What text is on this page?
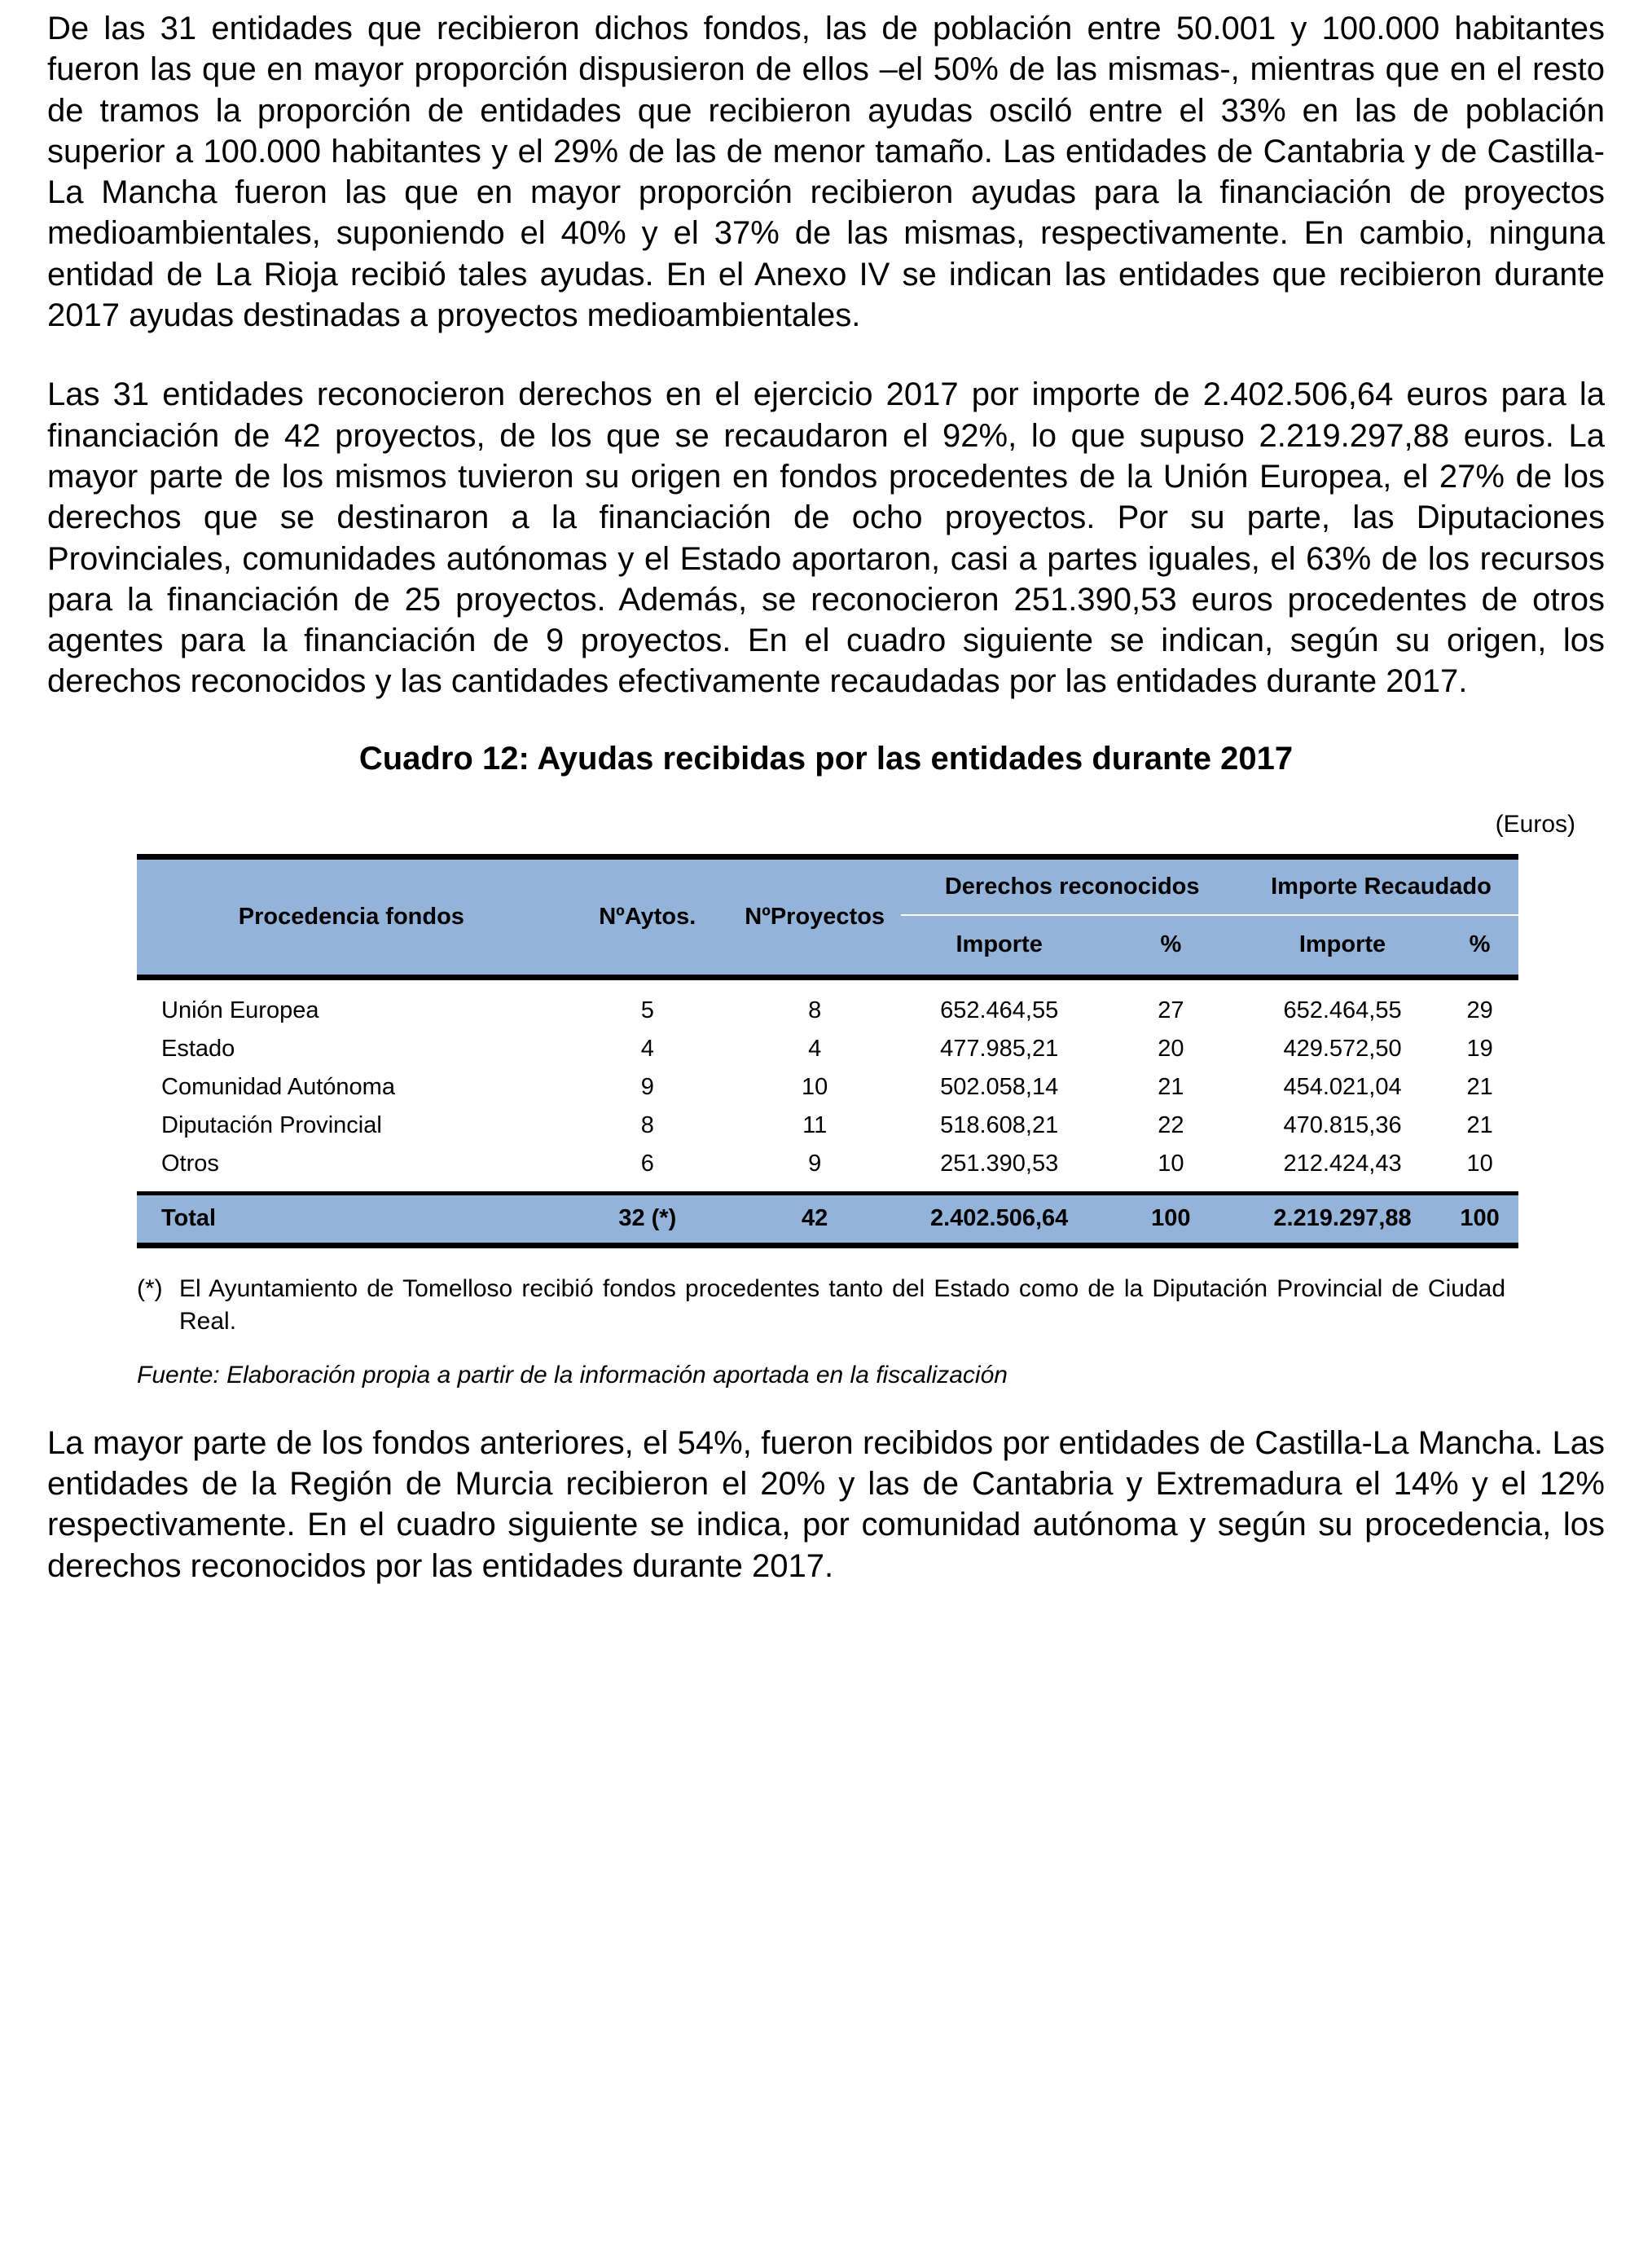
De las 31 entidades que recibieron dichos fondos, las de población entre 50.001 y 100.000 habitantes fueron las que en mayor proporción dispusieron de ellos –el 50% de las mismas-, mientras que en el resto de tramos la proporción de entidades que recibieron ayudas osciló entre el 33% en las de población superior a 100.000 habitantes y el 29% de las de menor tamaño. Las entidades de Cantabria y de Castilla-La Mancha fueron las que en mayor proporción recibieron ayudas para la financiación de proyectos medioambientales, suponiendo el 40% y el 37% de las mismas, respectivamente. En cambio, ninguna entidad de La Rioja recibió tales ayudas. En el Anexo IV se indican las entidades que recibieron durante 2017 ayudas destinadas a proyectos medioambientales.

Las 31 entidades reconocieron derechos en el ejercicio 2017 por importe de 2.402.506,64 euros para la financiación de 42 proyectos, de los que se recaudaron el 92%, lo que supuso 2.219.297,88 euros. La mayor parte de los mismos tuvieron su origen en fondos procedentes de la Unión Europea, el 27% de los derechos que se destinaron a la financiación de ocho proyectos. Por su parte, las Diputaciones Provinciales, comunidades autónomas y el Estado aportaron, casi a partes iguales, el 63% de los recursos para la financiación de 25 proyectos. Además, se reconocieron 251.390,53 euros procedentes de otros agentes para la financiación de 9 proyectos. En el cuadro siguiente se indican, según su origen, los derechos reconocidos y las cantidades efectivamente recaudadas por las entidades durante 2017.

Cuadro 12: Ayudas recibidas por las entidades durante 2017
(Euros)
Procedencia fondos	NºAytos.	NºProyectos	Derechos reconocidos		Importe Recaudado	
			Importe	%	Importe	%
Unión Europea	5	8	652.464,55	27	652.464,55	29
Estado	4	4	477.985,21	20	429.572,50	19
Comunidad Autónoma	9	10	502.058,14	21	454.021,04	21
Diputación Provincial	8	11	518.608,21	22	470.815,36	21
Otros	6	9	251.390,53	10	212.424,43	10
Total	32 (*)	42	2.402.506,64	100	2.219.297,88	100
(*) El Ayuntamiento de Tomelloso recibió fondos procedentes tanto del Estado como de la Diputación Provincial de Ciudad Real.
Fuente: Elaboración propia a partir de la información aportada en la fiscalización

La mayor parte de los fondos anteriores, el 54%, fueron recibidos por entidades de Castilla-La Mancha. Las entidades de la Región de Murcia recibieron el 20% y las de Cantabria y Extremadura el 14% y el 12% respectivamente. En el cuadro siguiente se indica, por comunidad autónoma y según su procedencia, los derechos reconocidos por las entidades durante 2017.
